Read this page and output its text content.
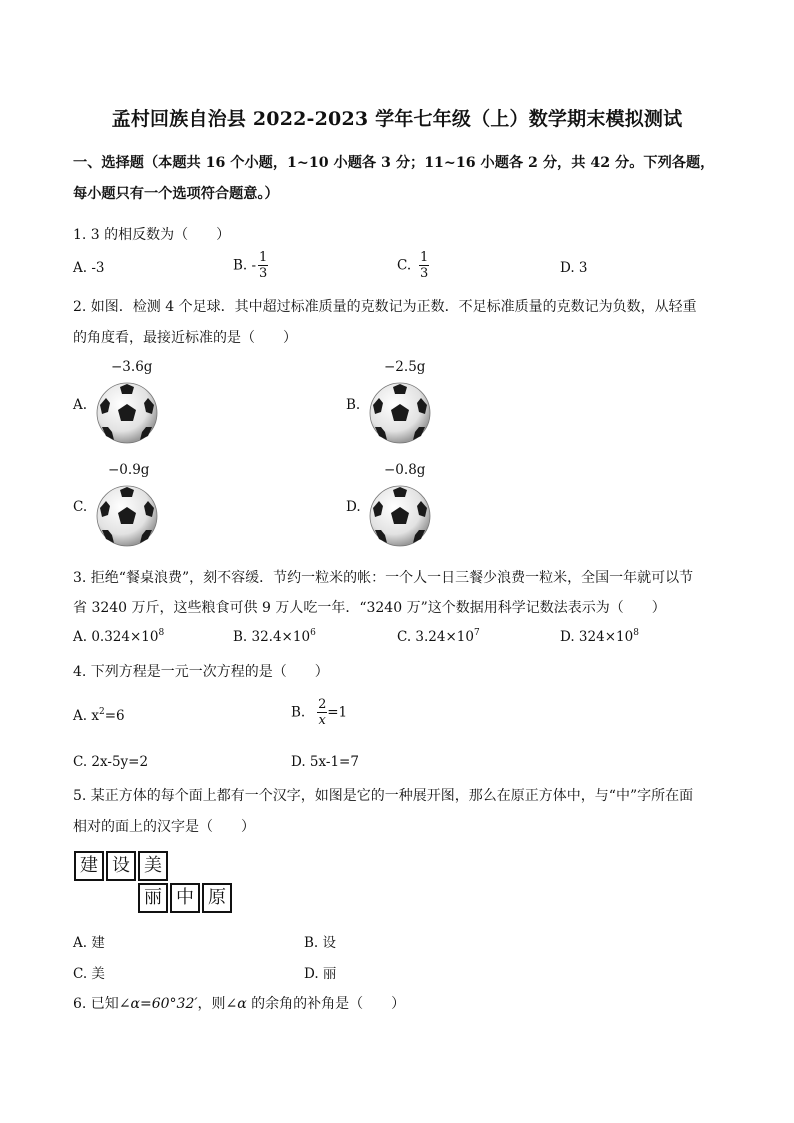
孟村回族自治县 2022-2023 学年七年级（上）数学期末模拟测试
一、选择题（本题共 16 个小题，1~10 小题各 3 分；11~16 小题各 2 分，共 42 分。下列各题，
每小题只有一个选项符合题意。）
1. 3 的相反数为（　　）
A. -3	B. - $\frac{1}{3}$	C. $\frac{1}{3}$	D. 3
2. 如图．检测 4 个足球．其中超过标准质量的克数记为正数．不足标准质量的克数记为负数，从轻重
的角度看，最接近标准的是（　　）
−3.6g
A.
−2.5g
B.
−0.9g
C.
−0.8g
D.
3. 拒绝“餐桌浪费”，刻不容缓．节约一粒米的帐：一个人一日三餐少浪费一粒米，全国一年就可以节
省 3240 万斤，这些粮食可供 9 万人吃一年．“3240 万”这个数据用科学记数法表示为（　　）
A. $0.324\times 10^8$	B. $32.4\times 10^6$	C. $3.24\times 10^7$	D. $324\times 10^8$
4. 下列方程是一元一次方程的是（　　）
A. $x^2=6$	B. $\frac{2}{x} =1$
C. 2x-5y=2	D. 5x-1=7
5. 某正方体的每个面上都有一个汉字，如图是它的一种展开图，那么在原正方体中，与“中”字所在面
相对的面上的汉字是（　　）
建 设 美
丽 中 原
A. 建	B. 设
C. 美	D. 丽
6. 已知∠α=60°32′，则∠α 的余角的补角是（　　）
